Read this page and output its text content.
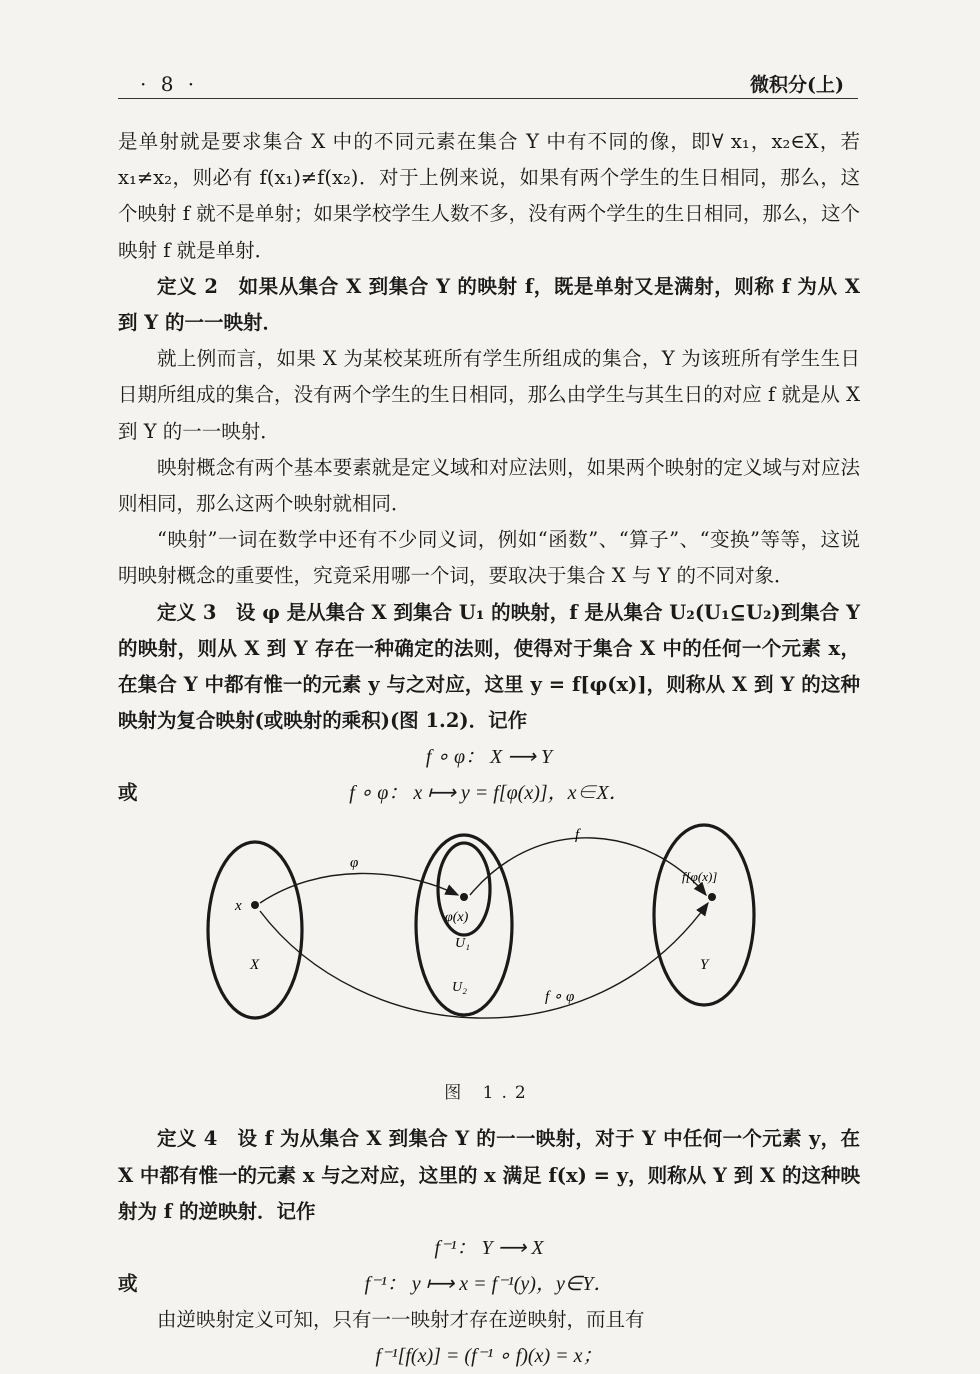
· 8 ·	微积分(上)

是单射就是要求集合 X 中的不同元素在集合 Y 中有不同的像，即∀ x₁，x₂∈X，若 x₁≠x₂，则必有 f(x₁)≠f(x₂)．对于上例来说，如果有两个学生的生日相同，那么，这个映射 f 就不是单射；如果学校学生人数不多，没有两个学生的生日相同，那么，这个映射 f 就是单射．

定义 2　如果从集合 X 到集合 Y 的映射 f，既是单射又是满射，则称 f 为从 X 到 Y 的一一映射．

就上例而言，如果 X 为某校某班所有学生所组成的集合，Y 为该班所有学生生日日期所组成的集合，没有两个学生的生日相同，那么由学生与其生日的对应 f 就是从 X 到 Y 的一一映射．

映射概念有两个基本要素就是定义域和对应法则，如果两个映射的定义域与对应法则相同，那么这两个映射就相同．

“映射”一词在数学中还有不少同义词，例如“函数”、“算子”、“变换”等等，这说明映射概念的重要性，究竟采用哪一个词，要取决于集合 X 与 Y 的不同对象．

定义 3　设 φ 是从集合 X 到集合 U₁ 的映射，f 是从集合 U₂(U₁⊆U₂)到集合 Y 的映射，则从 X 到 Y 存在一种确定的法则，使得对于集合 X 中的任何一个元素 x，在集合 Y 中都有惟一的元素 y 与之对应，这里 y = f[φ(x)]，则称从 X 到 Y 的这种映射为复合映射(或映射的乘积)(图 1.2)．记作

f ∘ φ： X ⟶ Y
或	f ∘ φ： x ⟼ y = f[φ(x)]，x∈X．
x
X
φ
φ(x)
U₁
U₂
f
f[φ(x)]
Y
f ∘ φ
图 1.2

定义 4　设 f 为从集合 X 到集合 Y 的一一映射，对于 Y 中任何一个元素 y，在 X 中都有惟一的元素 x 与之对应，这里的 x 满足 f(x) = y，则称从 Y 到 X 的这种映射为 f 的逆映射．记作

f⁻¹： Y ⟶ X
或	f⁻¹： y ⟼ x = f⁻¹(y)，y∈Y．

由逆映射定义可知，只有一一映射才存在逆映射，而且有

f⁻¹[f(x)] = (f⁻¹ ∘ f)(x) = x；
